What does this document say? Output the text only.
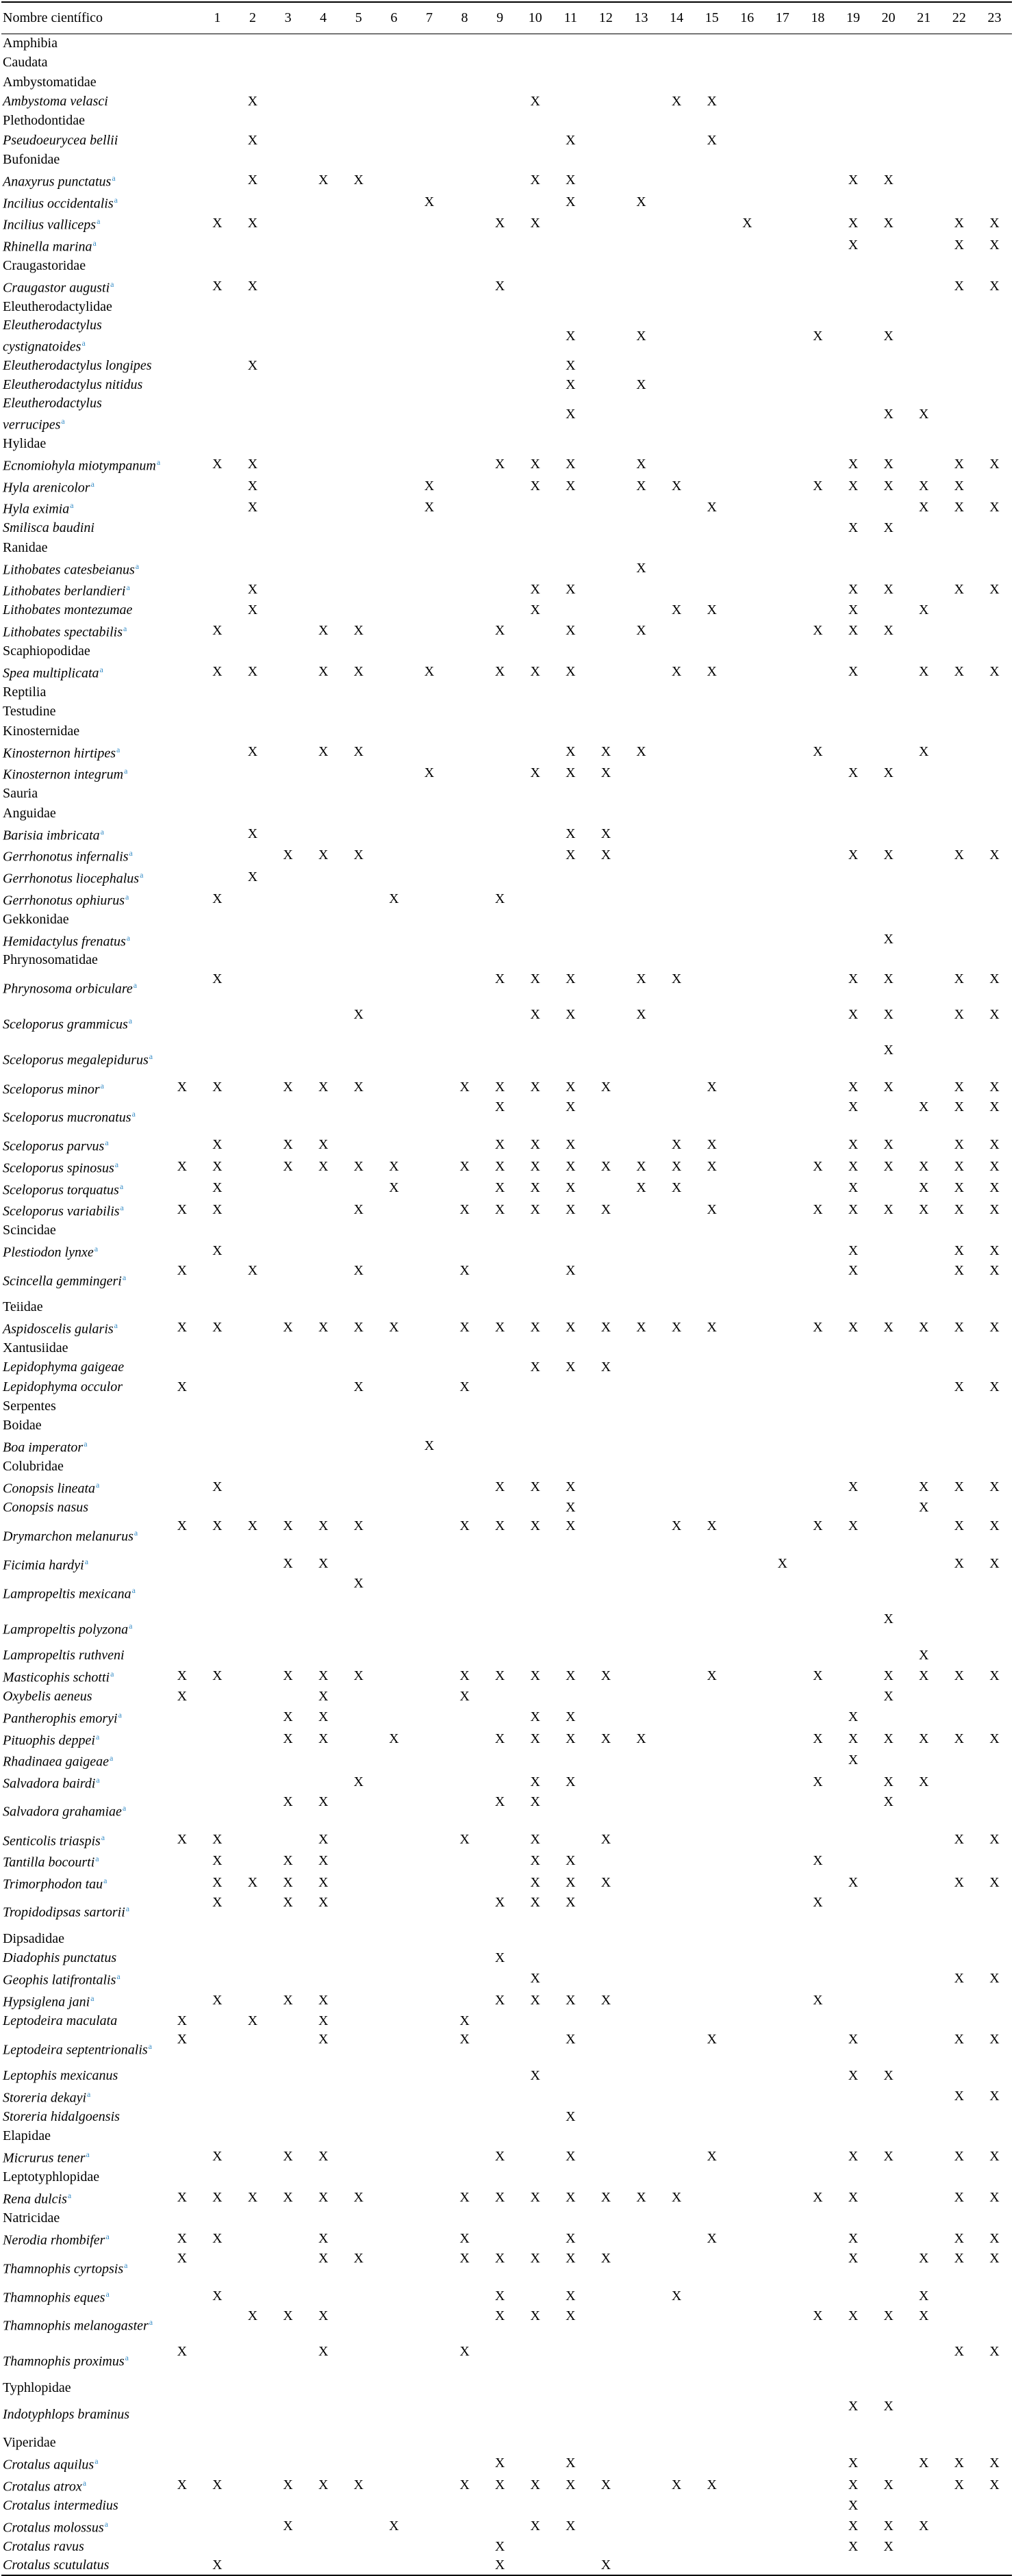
Nombre científico		1	2	3	4	5	6	7	8	9	10	11	12	13	14	15	16	17	18	19	20	21	22	23
Amphibia																								
Caudata																								
Ambystomatidae																								
Ambystoma velasci			X								X				X	X								
Plethodontidae																								
Pseudoeurycea bellii			X									X				X								
Bufonidae																								
Anaxyrus punctatus$^a$			X		X	X					X	X								X	X			
Incilius occidentalis$^a$								X				X		X										
Incilius valliceps$^a$		X	X							X	X						X			X	X		X	X
Rhinella marina$^a$																				X			X	X
Craugastoridae																								
Craugastor augusti$^a$		X	X							X													X	X
Eleutherodactylidae																								
Eleutherodactylus cystignatoides$^a$												X		X					X		X			
Eleutherodactylus longipes			X									X												
Eleutherodactylus nitidus												X		X										
Eleutherodactylus verrucipes$^a$												X									X	X		
Hylidae																								
Ecnomiohyla miotympanum$^a$		X	X							X	X	X		X						X	X		X	X
Hyla arenicolor$^a$			X					X			X	X		X	X				X	X	X	X	X	
Hyla eximia$^a$			X					X								X						X	X	X
Smilisca baudini																				X	X			
Ranidae																								
Lithobates catesbeianus$^a$														X										
Lithobates berlandieri$^a$			X								X	X								X	X		X	X
Lithobates montezumae			X								X				X	X				X		X		
Lithobates spectabilis$^a$		X			X	X				X		X		X					X	X	X			
Scaphiopodidae																								
Spea multiplicata$^a$		X	X		X	X		X		X	X	X			X	X				X		X	X	X
Reptilia																								
Testudine																								
Kinosternidae																								
Kinosternon hirtipes$^a$			X		X	X						X	X	X					X			X		
Kinosternon integrum$^a$								X			X	X	X							X	X			
Sauria																								
Anguidae																								
Barisia imbricata$^a$			X									X	X											
Gerrhonotus infernalis$^a$				X	X	X						X	X							X	X		X	X
Gerrhonotus liocephalus$^a$			X																					
Gerrhonotus ophiurus$^a$		X					X			X														
Gekkonidae																								
Hemidactylus frenatus$^a$																					X			
Phrynosomatidae																								
Phrynosoma orbiculare$^a$		X								X	X	X		X	X					X	X		X	X
Sceloporus grammicus$^a$						X					X	X		X						X	X		X	X
Sceloporus megalepidurus$^a$																					X			
Sceloporus minor$^a$	X	X		X	X	X			X	X	X	X	X			X				X	X		X	X
Sceloporus mucronatus$^a$										X		X								X		X	X	X
Sceloporus parvus$^a$		X		X	X					X	X	X			X	X				X	X		X	X
Sceloporus spinosus$^a$	X	X		X	X	X	X		X	X	X	X	X	X	X	X			X	X	X	X	X	X
Sceloporus torquatus$^a$		X					X			X	X	X		X	X					X		X	X	X
Sceloporus variabilis$^a$	X	X				X			X	X	X	X	X			X			X	X	X	X	X	X
Scincidae																								
Plestiodon lynxe$^a$		X																		X			X	X
Scincella gemmingeri$^a$	X		X			X			X			X								X			X	X
Teiidae																								
Aspidoscelis gularis$^a$	X	X		X	X	X	X		X	X	X	X	X	X	X	X			X	X	X	X	X	X
Xantusiidae																								
Lepidophyma gaigeae											X	X	X											
Lepidophyma occulor	X					X			X														X	X
Serpentes																								
Boidae																								
Boa imperator$^a$								X																
Colubridae																								
Conopsis lineata$^a$		X								X	X	X								X		X	X	X
Conopsis nasus												X										X		
Drymarchon melanurus$^a$	X	X	X	X	X	X			X	X	X	X			X	X			X	X			X	X
Ficimia hardyi$^a$				X	X													X					X	X
Lampropeltis mexicana$^a$						X																		
Lampropeltis polyzona$^a$																					X			
Lampropeltis ruthveni																						X		
Masticophis schotti$^a$	X	X		X	X	X			X	X	X	X	X			X			X		X	X	X	X
Oxybelis aeneus	X				X				X												X			
Pantherophis emoryi$^a$				X	X						X	X								X				
Pituophis deppei$^a$				X	X		X			X	X	X	X	X					X	X	X	X	X	X
Rhadinaea gaigeae$^a$																				X				
Salvadora bairdi$^a$						X					X	X							X		X	X		
Salvadora grahamiae$^a$				X	X					X	X										X			
Senticolis triaspis$^a$	X	X			X				X		X		X										X	X
Tantilla bocourti$^a$		X		X	X						X	X							X					
Trimorphodon tau$^a$		X	X	X	X						X	X	X							X			X	X
Tropidodipsas sartorii$^a$		X		X	X					X	X	X							X					
Dipsadidae																								
Diadophis punctatus										X														
Geophis latifrontalis$^a$											X												X	X
Hypsiglena jani$^a$		X		X	X					X	X	X	X						X					
Leptodeira maculata	X		X		X				X															
Leptodeira septentrionalis$^a$	X				X				X			X				X				X			X	X
Leptophis mexicanus											X									X	X			
Storeria dekayi$^a$																							X	X
Storeria hidalgoensis												X												
Elapidae																								
Micrurus tener$^a$		X		X	X					X		X				X				X	X		X	X
Leptotyphlopidae																								
Rena dulcis$^a$	X	X	X	X	X	X			X	X	X	X	X	X	X				X	X			X	X
Natricidae																								
Nerodia rhombifer$^a$	X	X			X				X			X				X				X			X	X
Thamnophis cyrtopsis$^a$	X				X	X			X	X	X	X	X							X		X	X	X
Thamnophis eques$^a$		X								X		X			X							X		
Thamnophis melanogaster$^a$			X	X	X					X	X	X							X	X	X	X		
Thamnophis proximus$^a$	X				X				X														X	X
Typhlopidae																								
Indotyphlops braminus																				X	X			
Viperidae																								
Crotalus aquilus$^a$										X		X								X		X	X	X
Crotalus atrox$^a$	X	X		X	X	X			X	X	X	X	X		X	X				X	X		X	X
Crotalus intermedius																				X				
Crotalus molossus$^a$				X			X				X	X								X	X	X		
Crotalus ravus										X										X	X			
Crotalus scutulatus		X								X			X											
